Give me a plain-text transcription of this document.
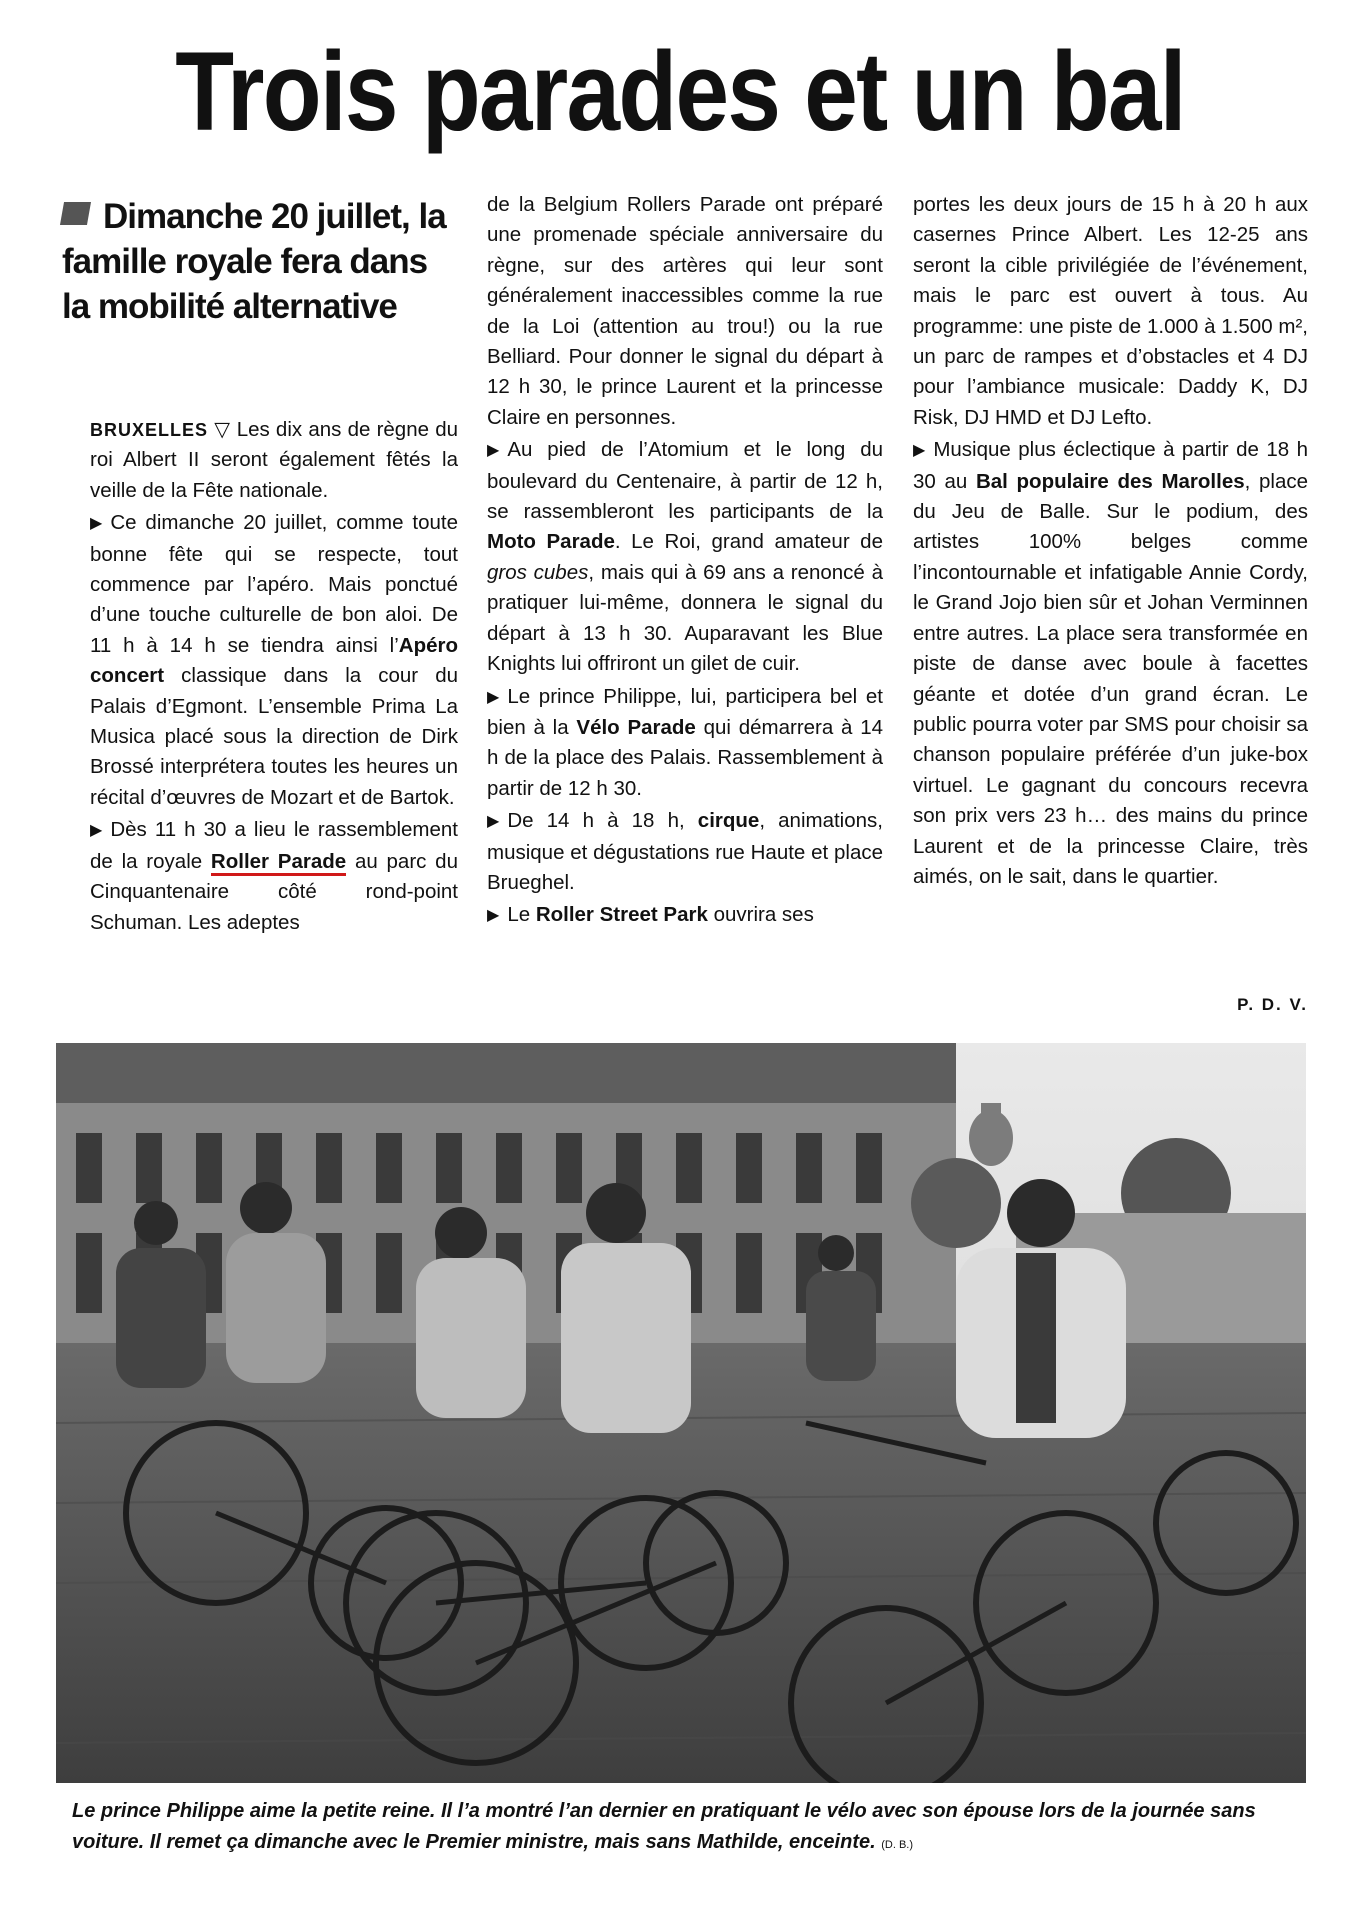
Trois parades et un bal
Dimanche 20 juillet, la famille royale fera dans la mobilité alternative

BRUXELLES ▽ Les dix ans de règne du roi Albert II seront également fêtés la veille de la Fête nationale.

▶ Ce dimanche 20 juillet, comme toute bonne fête qui se respecte, tout commence par l’apéro. Mais ponctué d’une touche culturelle de bon aloi. De 11 h à 14 h se tiendra ainsi l’Apéro concert classique dans la cour du Palais d’Egmont. L’ensemble Prima La Musica placé sous la direction de Dirk Brossé interprétera toutes les heures un récital d’œuvres de Mozart et de Bartok.

▶ Dès 11 h 30 a lieu le rassemblement de la royale Roller Parade au parc du Cinquantenaire côté rond-point Schuman. Les adeptes

de la Belgium Rollers Parade ont préparé une promenade spéciale anniversaire du règne, sur des artères qui leur sont généralement inaccessibles comme la rue de la Loi (attention au trou!) ou la rue Belliard. Pour donner le signal du départ à 12 h 30, le prince Laurent et la princesse Claire en personnes.

▶ Au pied de l’Atomium et le long du boulevard du Centenaire, à partir de 12 h, se rassembleront les participants de la Moto Parade. Le Roi, grand amateur de gros cubes, mais qui à 69 ans a renoncé à pratiquer lui-même, donnera le signal du départ à 13 h 30. Auparavant les Blue Knights lui offriront un gilet de cuir.

▶ Le prince Philippe, lui, participera bel et bien à la Vélo Parade qui démarrera à 14 h de la place des Palais. Rassemblement à partir de 12 h 30.

▶ De 14 h à 18 h, cirque, animations, musique et dégustations rue Haute et place Brueghel.

▶ Le Roller Street Park ouvrira ses

portes les deux jours de 15 h à 20 h aux casernes Prince Albert. Les 12-25 ans seront la cible privilégiée de l’événement, mais le parc est ouvert à tous. Au programme: une piste de 1.000 à 1.500 m², un parc de rampes et d’obstacles et 4 DJ pour l’ambiance musicale: Daddy K, DJ Risk, DJ HMD et DJ Lefto.

▶ Musique plus éclectique à partir de 18 h 30 au Bal populaire des Marolles, place du Jeu de Balle. Sur le podium, des artistes 100% belges comme l’incontournable et infatigable Annie Cordy, le Grand Jojo bien sûr et Johan Verminnen entre autres. La place sera transformée en piste de danse avec boule à facettes géante et dotée d’un grand écran. Le public pourra voter par SMS pour choisir sa chanson populaire préférée d’un juke-box virtuel. Le gagnant du concours recevra son prix vers 23 h… des mains du prince Laurent et de la princesse Claire, très aimés, on le sait, dans le quartier.

P. D. V.
Le prince Philippe aime la petite reine. Il l’a montré l’an dernier en pratiquant le vélo avec son épouse lors de la journée sans voiture. Il remet ça dimanche avec le Premier ministre, mais sans Mathilde, enceinte. (D. B.)
